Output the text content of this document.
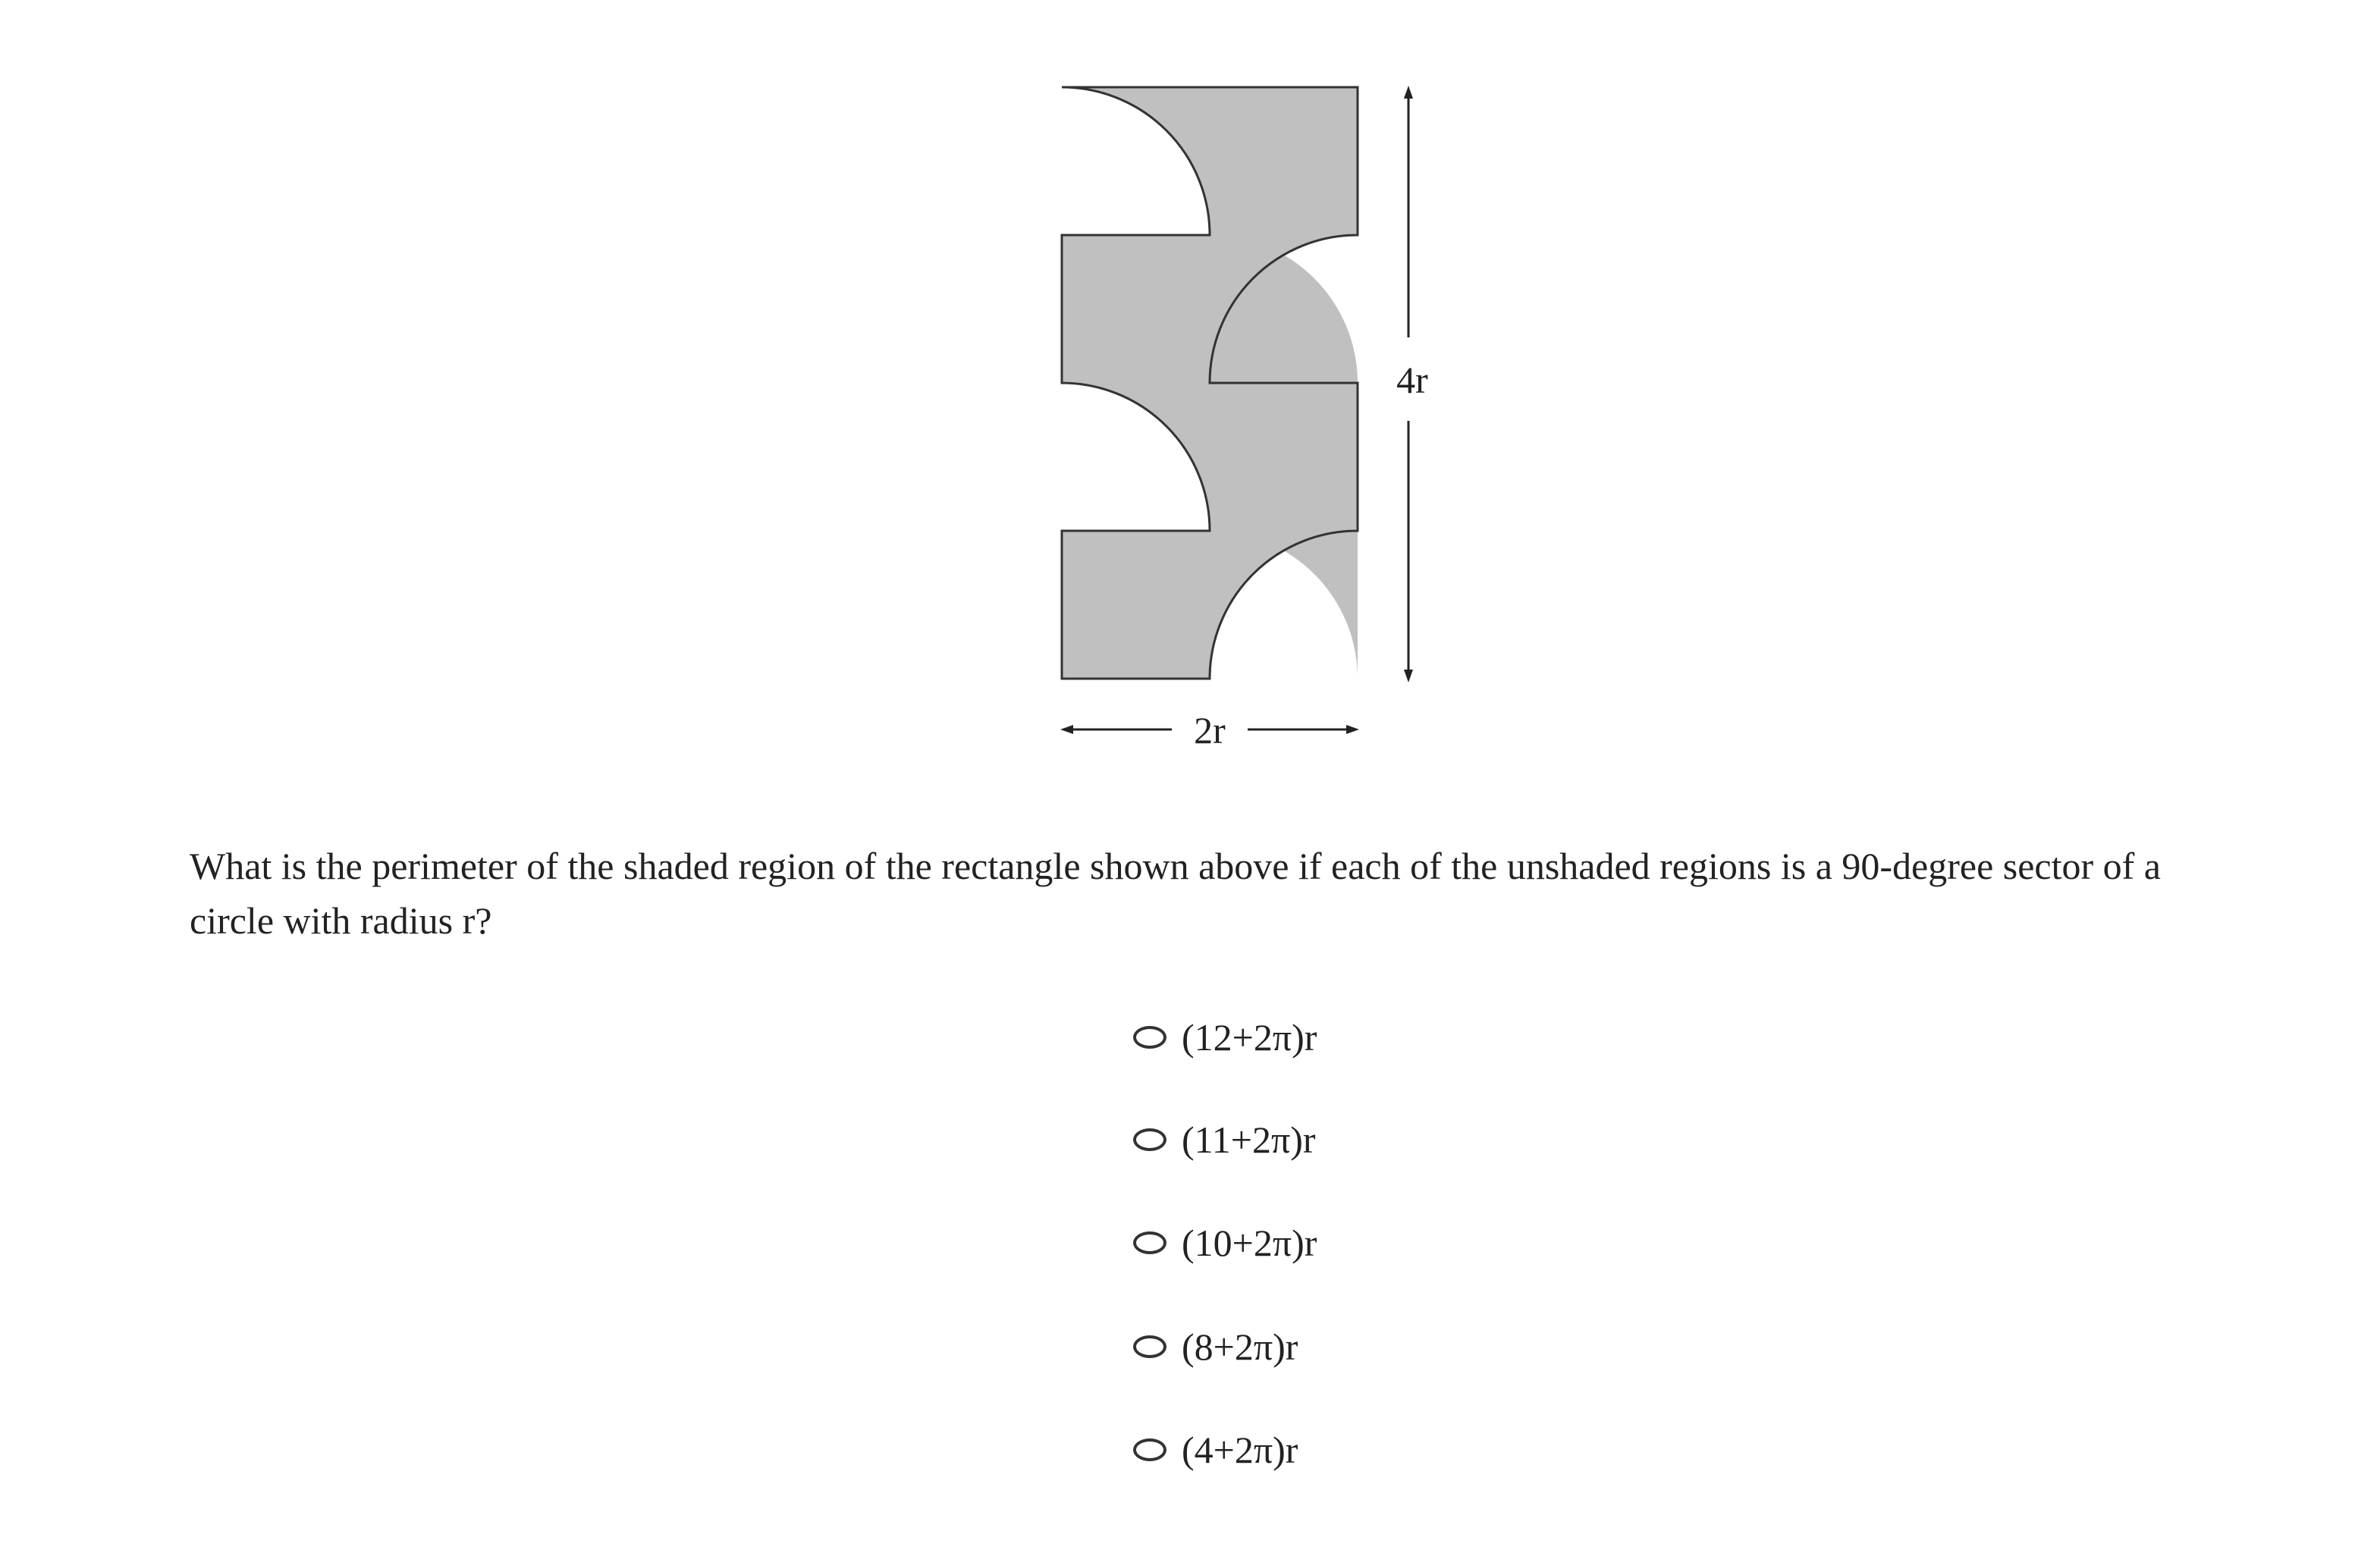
4r
2r

What is the perimeter of the shaded region of the rectangle shown above if each of the unshaded regions is a 90-degree sector of a circle with radius r?

(12+2π)r
(11+2π)r
(10+2π)r
(8+2π)r
(4+2π)r
